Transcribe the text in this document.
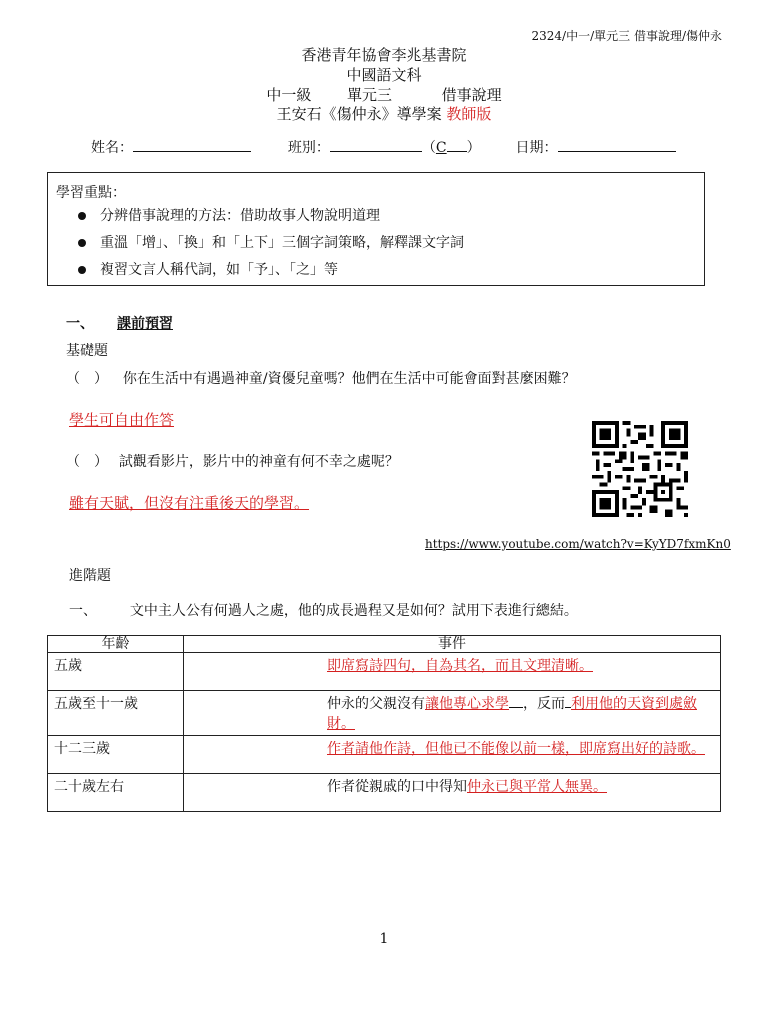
2324/中一/單元三 借事說理/傷仲永
香港青年協會李兆基書院
中國語文科
中一級 單元三	借事說理
王安石《傷仲永》導學案 教師版
姓名：	班別：	（C ） 日期：
學習重點：
分辨借事說理的方法：借助故事人物說明道理
重溫「增」、「換」和「上下」三個字詞策略，解釋課文字詞
複習文言人稱代詞，如「予」、「之」等
一、 課前預習
基礎題
（　） 你在生活中有遇過神童/資優兒童嗎？他們在生活中可能會面對甚麼困難？
學生可自由作答
（　） 試觀看影片，影片中的神童有何不幸之處呢？
雖有天賦，但沒有注重後天的學習。
https://www.youtube.com/watch?v=KyYD7fxmKn0
進階題
一、 文中主人公有何過人之處，他的成長過程又是如何？試用下表進行總結。
年齡	事件
五歲	即席寫詩四句，自為其名，而且文理清晰。
五歲至十一歲	仲永的父親沒有讓他專心求學 ，反而 利用他的天資到處斂財。
十二三歲	作者請他作詩，但他已不能像以前一樣，即席寫出好的詩歌。
二十歲左右	作者從親戚的口中得知仲永已與平常人無異。
1
